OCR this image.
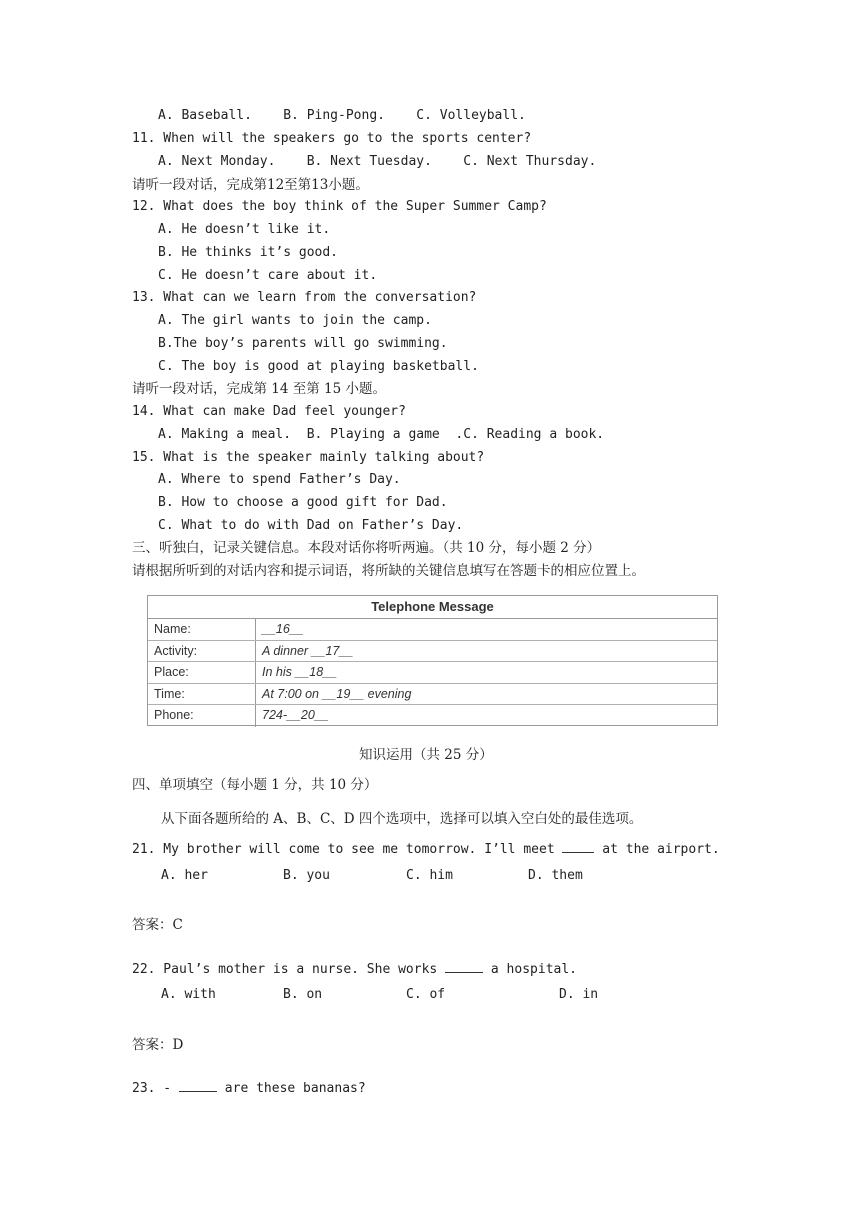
A. Baseball.    B. Ping-Pong.    C. Volleyball.
11. When will the speakers go to the sports center?
A. Next Monday.    B. Next Tuesday.    C. Next Thursday.
请听一段对话，完成第12至第13小题。
12. What does the boy think of the Super Summer Camp?
A. He doesn’t like it.
B. He thinks it’s good.
C. He doesn’t care about it.
13. What can we learn from the conversation?
A. The girl wants to join the camp.
B.The boy’s parents will go swimming.
C. The boy is good at playing basketball.
请听一段对话，完成第 14 至第 15 小题。
14. What can make Dad feel younger?
A. Making a meal.  B. Playing a game  .C. Reading a book.
15. What is the speaker mainly talking about?
A. Where to spend Father’s Day.
B. How to choose a good gift for Dad.
C. What to do with Dad on Father’s Day.
三、听独白，记录关键信息。本段对话你将听两遍。（共 10 分，每小题 2 分）
请根据所听到的对话内容和提示词语，将所缺的关键信息填写在答题卡的相应位置上。
Telephone Message
Name:	__16__
Activity:	A dinner __17__
Place:	In his __18__
Time:	At 7:00 on __19__ evening
Phone:	724-__20__
知识运用（共 25 分）
四、单项填空（每小题 1 分，共 10 分）
从下面各题所给的 A、B、C、D 四个选项中，选择可以填入空白处的最佳选项。
21. My brother will come to see me tomorrow. I’ll meet  at the airport.
A. her	B. you	C. him	D. them
答案：C
22. Paul’s mother is a nurse. She works	a hospital.
A. with	B. on	C. of	D. in
答案：D
23. -	are these bananas?
